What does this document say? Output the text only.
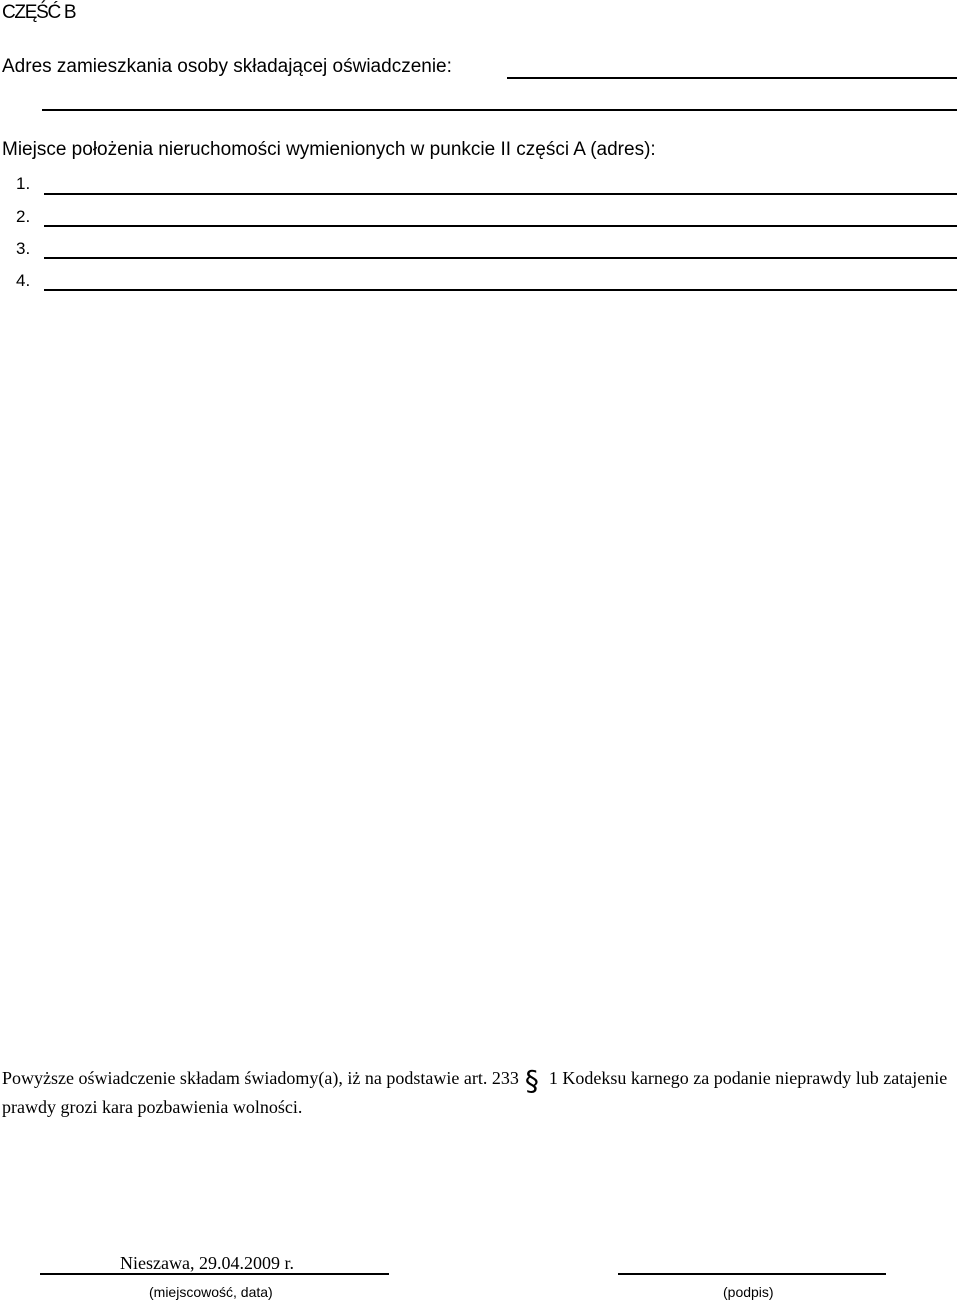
CZĘŚĆ B
Adres zamieszkania osoby składającej oświadczenie:
Miejsce położenia nieruchomości wymienionych w punkcie II części A (adres):
1.
2.
3.
4.

Powyższe oświadczenie składam świadomy(a), iż na podstawie art. 233 § 1 Kodeksu karnego za podanie nieprawdy lub zatajenie prawdy grozi kara pozbawienia wolności.

Nieszawa, 29.04.2009 r.
(miejscowość, data)	(podpis)
